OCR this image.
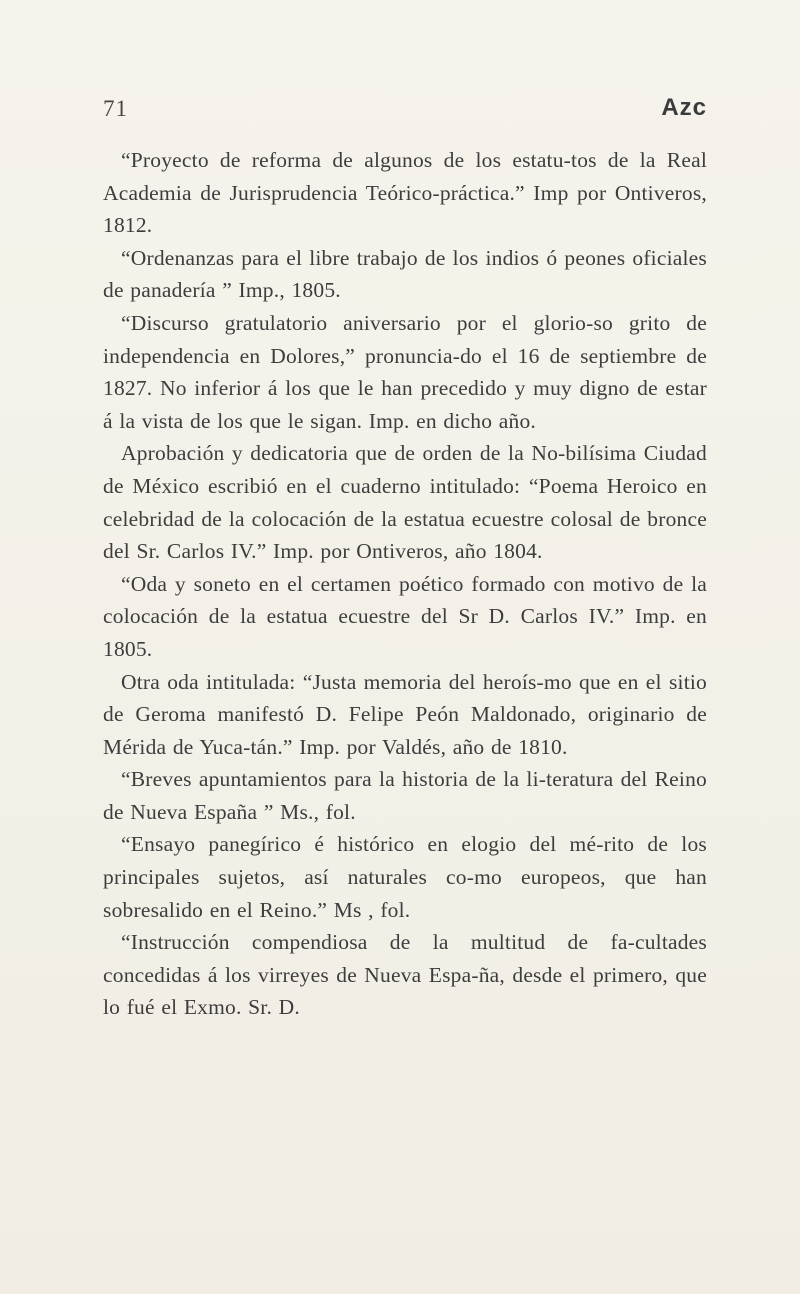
71	Azc

“Proyecto de reforma de algunos de los estatu-tos de la Real Academia de Jurisprudencia Teórico-práctica.” Imp por Ontiveros, 1812.

“Ordenanzas para el libre trabajo de los indios ó peones oficiales de panadería ” Imp., 1805.

“Discurso gratulatorio aniversario por el glorio-so grito de independencia en Dolores,” pronuncia-do el 16 de septiembre de 1827. No inferior á los que le han precedido y muy digno de estar á la vista de los que le sigan. Imp. en dicho año.

Aprobación y dedicatoria que de orden de la No-bilísima Ciudad de México escribió en el cuaderno intitulado: “Poema Heroico en celebridad de la colocación de la estatua ecuestre colosal de bronce del Sr. Carlos IV.” Imp. por Ontiveros, año 1804.

“Oda y soneto en el certamen poético formado con motivo de la colocación de la estatua ecuestre del Sr D. Carlos IV.” Imp. en 1805.

Otra oda intitulada: “Justa memoria del heroís-mo que en el sitio de Geroma manifestó D. Felipe Peón Maldonado, originario de Mérida de Yuca-tán.” Imp. por Valdés, año de 1810.

“Breves apuntamientos para la historia de la li-teratura del Reino de Nueva España ” Ms., fol.

“Ensayo panegírico é histórico en elogio del mé-rito de los principales sujetos, así naturales co-mo europeos, que han sobresalido en el Reino.” Ms , fol.

“Instrucción compendiosa de la multitud de fa-cultades concedidas á los virreyes de Nueva Espa-ña, desde el primero, que lo fué el Exmo. Sr. D.
